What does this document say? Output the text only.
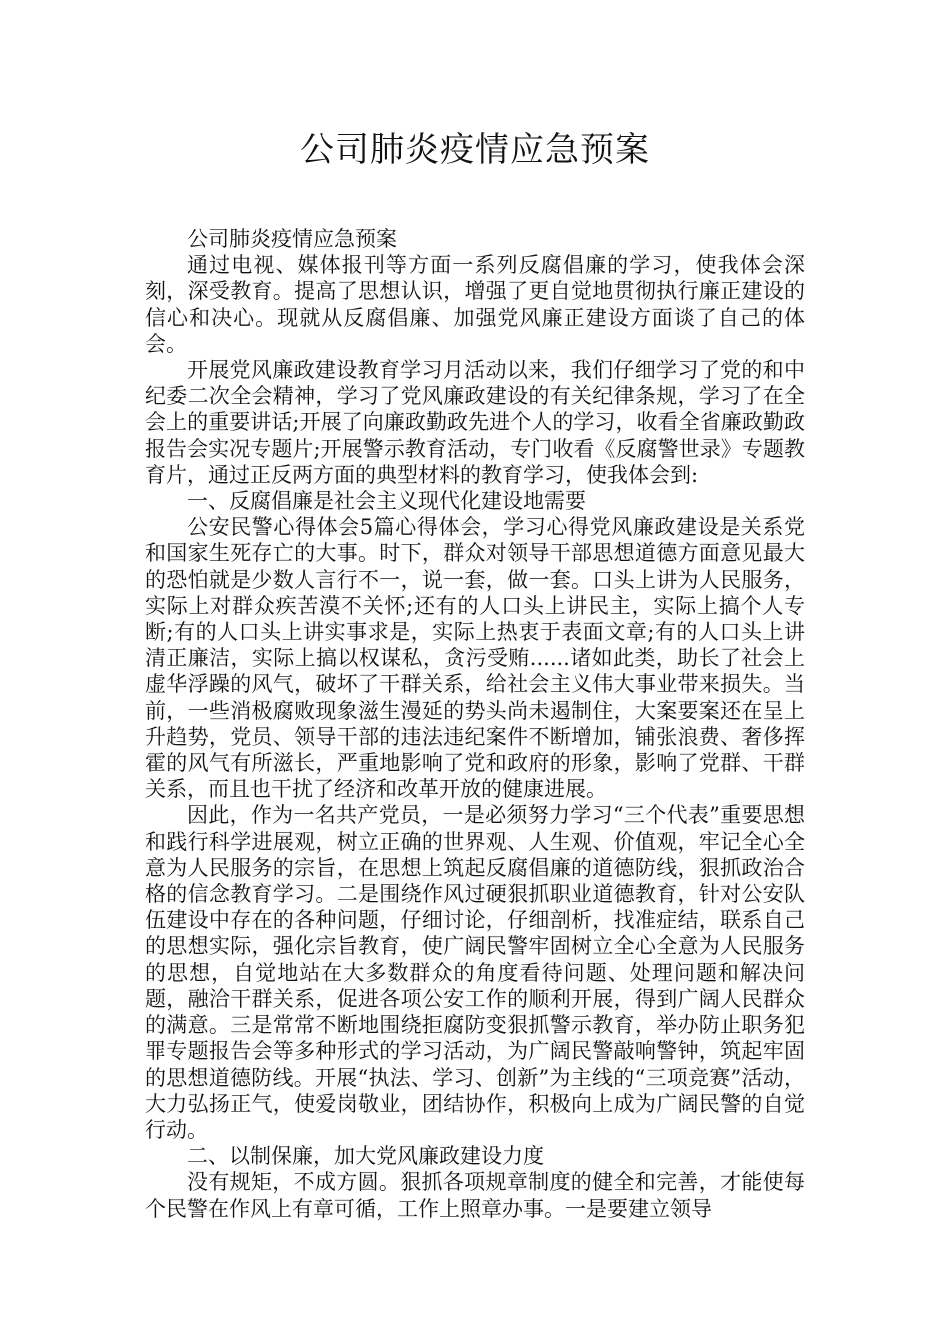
公司肺炎疫情应急预案

公司肺炎疫情应急预案

通过电视、媒体报刊等方面一系列反腐倡廉的学习，使我体会深刻，深受教育。提高了思想认识，增强了更自觉地贯彻执行廉正建设的信心和决心。现就从反腐倡廉、加强党风廉正建设方面谈了自己的体会。

开展党风廉政建设教育学习月活动以来，我们仔细学习了党的和中纪委二次全会精神，学习了党风廉政建设的有关纪律条规，学习了在全会上的重要讲话;开展了向廉政勤政先进个人的学习，收看全省廉政勤政报告会实况专题片;开展警示教育活动，专门收看《反腐警世录》专题教育片，通过正反两方面的典型材料的教育学习，使我体会到:

一、反腐倡廉是社会主义现代化建设地需要

公安民警心得体会5篇心得体会，学习心得党风廉政建设是关系党和国家生死存亡的大事。时下，群众对领导干部思想道德方面意见最大的恐怕就是少数人言行不一，说一套，做一套。口头上讲为人民服务，实际上对群众疾苦漠不关怀;还有的人口头上讲民主，实际上搞个人专断;有的人口头上讲实事求是，实际上热衷于表面文章;有的人口头上讲清正廉洁，实际上搞以权谋私，贪污受贿......诸如此类，助长了社会上虚华浮躁的风气，破坏了干群关系，给社会主义伟大事业带来损失。当前，一些消极腐败现象滋生漫延的势头尚未遏制住，大案要案还在呈上升趋势，党员、领导干部的违法违纪案件不断增加，铺张浪费、奢侈挥霍的风气有所滋长，严重地影响了党和政府的形象，影响了党群、干群关系，而且也干扰了经济和改革开放的健康进展。

因此，作为一名共产党员，一是必须努力学习“三个代表”重要思想和践行科学进展观，树立正确的世界观、人生观、价值观，牢记全心全意为人民服务的宗旨，在思想上筑起反腐倡廉的道德防线，狠抓政治合格的信念教育学习。二是围绕作风过硬狠抓职业道德教育，针对公安队伍建设中存在的各种问题，仔细讨论，仔细剖析，找准症结，联系自己的思想实际，强化宗旨教育，使广阔民警牢固树立全心全意为人民服务的思想，自觉地站在大多数群众的角度看待问题、处理问题和解决问题，融洽干群关系，促进各项公安工作的顺利开展，得到广阔人民群众的满意。三是常常不断地围绕拒腐防变狠抓警示教育，举办防止职务犯罪专题报告会等多种形式的学习活动，为广阔民警敲响警钟，筑起牢固的思想道德防线。开展“执法、学习、创新”为主线的“三项竞赛”活动，大力弘扬正气，使爱岗敬业，团结协作，积极向上成为广阔民警的自觉行动。

二、以制保廉，加大党风廉政建设力度

没有规矩，不成方圆。狠抓各项规章制度的健全和完善，才能使每个民警在作风上有章可循，工作上照章办事。一是要建立领导
